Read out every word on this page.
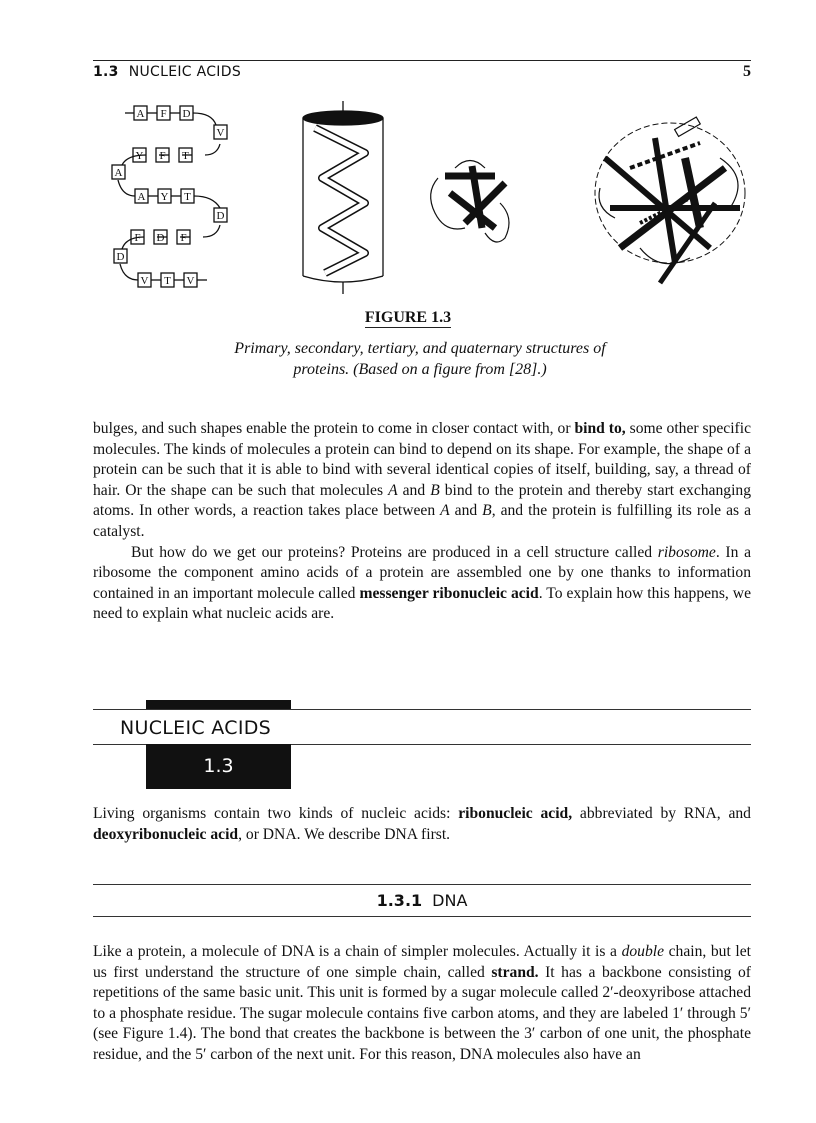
1.3 NUCLEIC ACIDS	5
A F D
V
Y F T
A
A Y T
D
F D F
D
V T V
FIGURE 1.3
Primary, secondary, tertiary, and quaternary structures of
proteins. (Based on a figure from [28].)

bulges, and such shapes enable the protein to come in closer contact with, or bind to, some other specific molecules. The kinds of molecules a protein can bind to depend on its shape. For example, the shape of a protein can be such that it is able to bind with several identical copies of itself, building, say, a thread of hair. Or the shape can be such that molecules A and B bind to the protein and thereby start exchanging atoms. In other words, a reaction takes place between A and B, and the protein is fulfilling its role as a catalyst.

But how do we get our proteins? Proteins are produced in a cell structure called ribosome. In a ribosome the component amino acids of a protein are assembled one by one thanks to information contained in an important molecule called messenger ribonucleic acid. To explain how this happens, we need to explain what nucleic acids are.

NUCLEIC ACIDS
1.3

Living organisms contain two kinds of nucleic acids: ribonucleic acid, abbreviated by RNA, and deoxyribonucleic acid, or DNA. We describe DNA first.

1.3.1 DNA

Like a protein, a molecule of DNA is a chain of simpler molecules. Actually it is a double chain, but let us first understand the structure of one simple chain, called strand. It has a backbone consisting of repetitions of the same basic unit. This unit is formed by a sugar molecule called 2′-deoxyribose attached to a phosphate residue. The sugar molecule contains five carbon atoms, and they are labeled 1′ through 5′ (see Figure 1.4). The bond that creates the backbone is between the 3′ carbon of one unit, the phosphate residue, and the 5′ carbon of the next unit. For this reason, DNA molecules also have an
